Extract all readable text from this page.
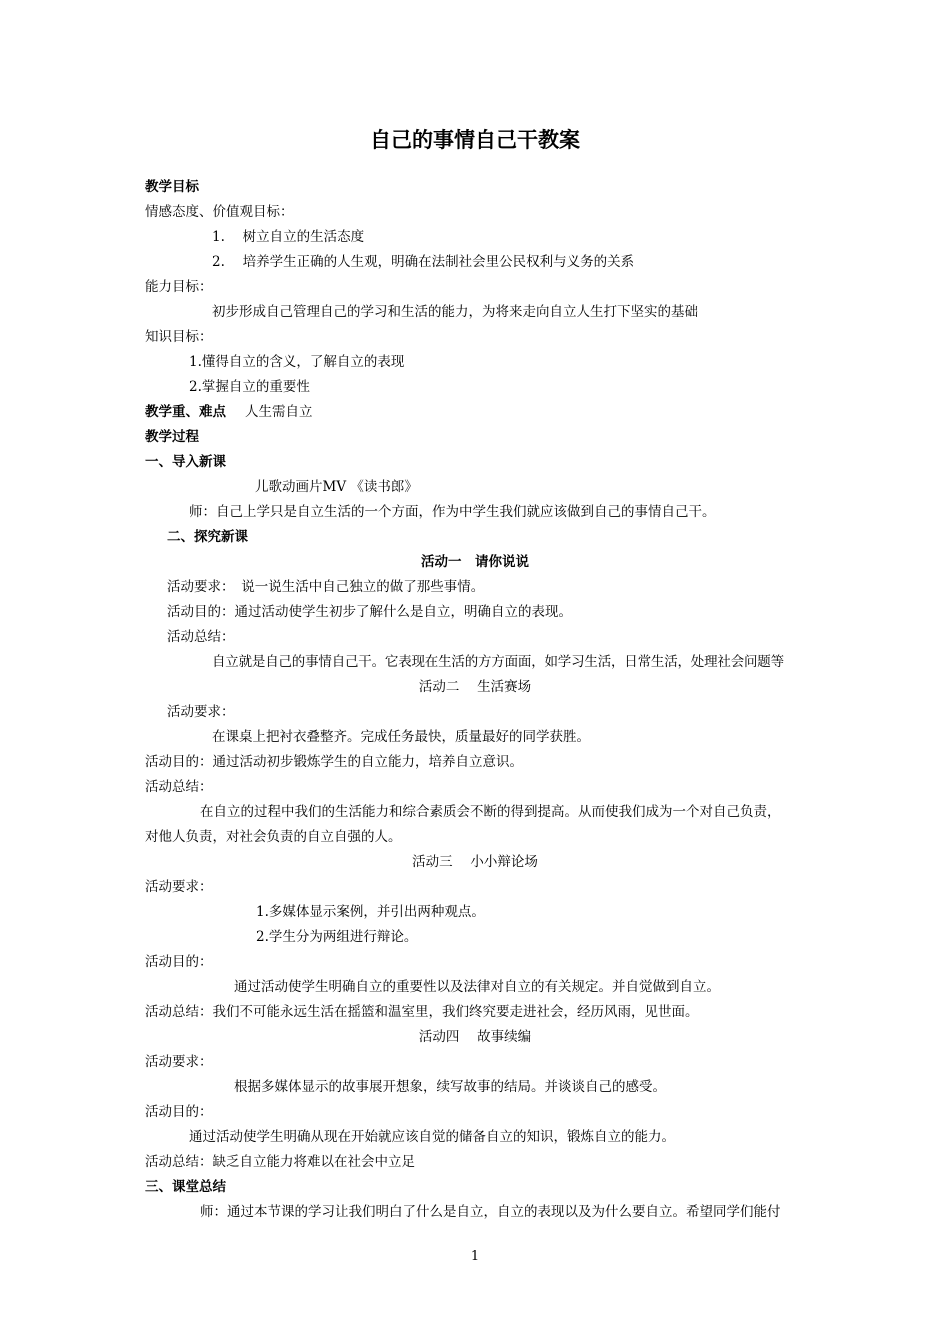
自己的事情自己干教案
教学目标
情感态度、价值观目标：
1.　 树立自立的生活态度
2.　 培养学生正确的人生观，明确在法制社会里公民权利与义务的关系
能力目标：
初步形成自己管理自己的学习和生活的能力，为将来走向自立人生打下坚实的基础
知识目标：
1.懂得自立的含义，了解自立的表现
2.掌握自立的重要性
教学重、难点 人生需自立
教学过程
一、导入新课
儿歌动画片MV 《读书郎》
师：自己上学只是自立生活的一个方面，作为中学生我们就应该做到自己的事情自己干。
二、探究新课
活动一　请你说说
活动要求：　说一说生活中自己独立的做了那些事情。
活动目的：通过活动使学生初步了解什么是自立，明确自立的表现。
活动总结：
自立就是自己的事情自己干。它表现在生活的方方面面，如学习生活，日常生活，处理社会问题等
活动二　 生活赛场
活动要求：
在课桌上把衬衣叠整齐。完成任务最快，质量最好的同学获胜。
活动目的：通过活动初步锻炼学生的自立能力，培养自立意识。
活动总结：
在自立的过程中我们的生活能力和综合素质会不断的得到提高。从而使我们成为一个对自己负责，
对他人负责，对社会负责的自立自强的人。
活动三　 小小辩论场
活动要求：
1.多媒体显示案例，并引出两种观点。
2.学生分为两组进行辩论。
活动目的：
通过活动使学生明确自立的重要性以及法律对自立的有关规定。并自觉做到自立。
活动总结：我们不可能永远生活在摇篮和温室里，我们终究要走进社会，经历风雨，见世面。
活动四　 故事续编
活动要求：
根据多媒体显示的故事展开想象，续写故事的结局。并谈谈自己的感受。
活动目的：
通过活动使学生明确从现在开始就应该自觉的储备自立的知识，锻炼自立的能力。
活动总结：缺乏自立能力将难以在社会中立足
三、课堂总结
师：通过本节课的学习让我们明白了什么是自立，自立的表现以及为什么要自立。希望同学们能付
1
